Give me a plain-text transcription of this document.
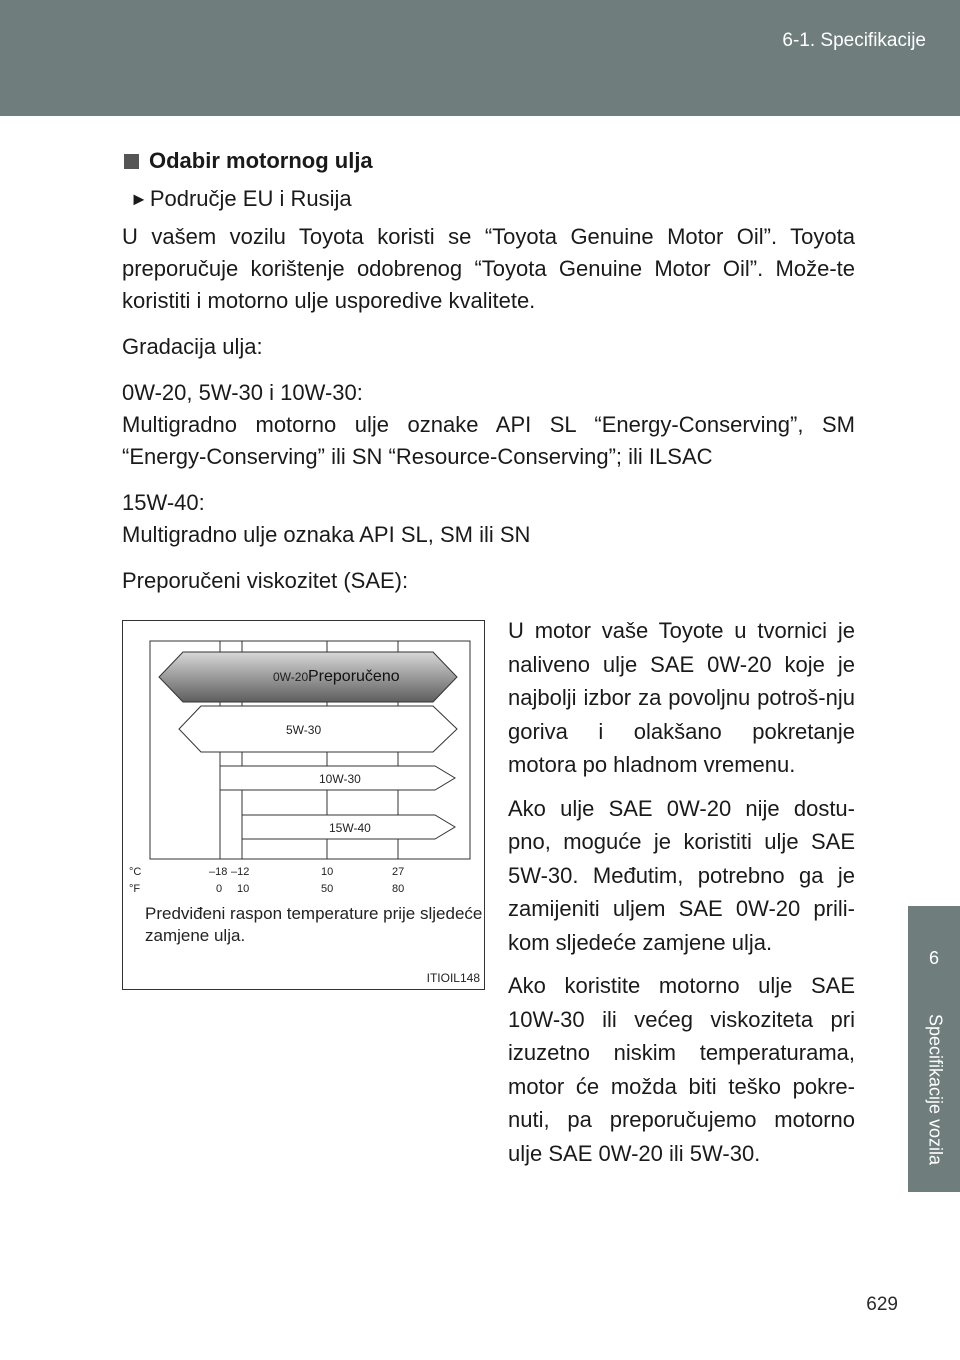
6-1. Specifikacije
6
Specifikacije vozila
Odabir motornog ulja
► Područje EU i Rusija

U vašem vozilu Toyota koristi se “Toyota Genuine Motor Oil”. Toyota preporučuje korištenje odobrenog “Toyota Genuine Motor Oil”. Može-te koristiti i motorno ulje usporedive kvalitete.

Gradacija ulja:

0W-20, 5W-30 i 10W-30:

Multigradno motorno ulje oznake API SL “Energy-Conserving”, SM “Energy-Conserving” ili SN “Resource-Conserving”; ili ILSAC

15W-40:

Multigradno ulje oznaka API SL, SM ili SN

Preporučeni viskozitet (SAE):

0W-20 Preporučeno
5W-30
10W-30
15W-40
°C	–18 –12	10	27
°F	0 10	50	80
Predviđeni raspon temperature prije sljedeće zamjene ulja.
ITIOIL148

U motor vaše Toyote u tvornici je naliveno ulje SAE 0W-20 koje je najbolji izbor za povoljnu potroš-nju goriva i olakšano pokretanje motora po hladnom vremenu.

Ako ulje SAE 0W-20 nije dostu-pno, moguće je koristiti ulje SAE 5W-30. Međutim, potrebno ga je zamijeniti uljem SAE 0W-20 prili-kom sljedeće zamjene ulja.

Ako koristite motorno ulje SAE 10W-30 ili većeg viskoziteta pri izuzetno niskim temperaturama, motor će možda biti teško pokre-nuti, pa preporučujemo motorno ulje SAE 0W-20 ili 5W-30.

629
